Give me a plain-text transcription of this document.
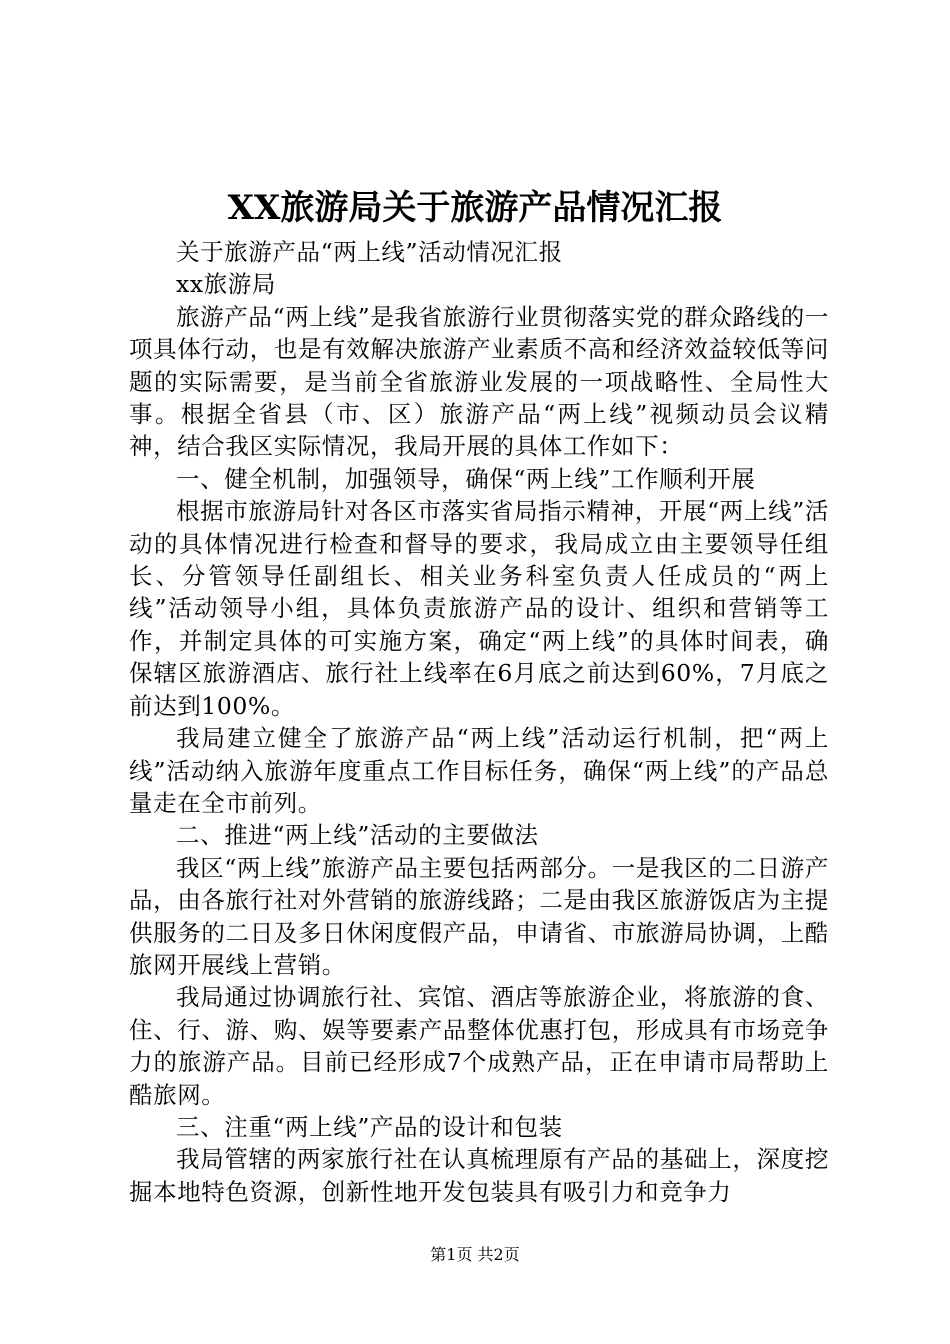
XX旅游局关于旅游产品情况汇报

关于旅游产品“两上线”活动情况汇报

xx旅游局

旅游产品“两上线”是我省旅游行业贯彻落实党的群众路线的一项具体行动，也是有效解决旅游产业素质不高和经济效益较低等问题的实际需要，是当前全省旅游业发展的一项战略性、全局性大事。根据全省县（市、区）旅游产品“两上线”视频动员会议精神，结合我区实际情况，我局开展的具体工作如下：

一、健全机制，加强领导，确保“两上线”工作顺利开展

根据市旅游局针对各区市落实省局指示精神，开展“两上线”活动的具体情况进行检查和督导的要求，我局成立由主要领导任组长、分管领导任副组长、相关业务科室负责人任成员的“两上线”活动领导小组，具体负责旅游产品的设计、组织和营销等工作，并制定具体的可实施方案，确定“两上线”的具体时间表，确保辖区旅游酒店、旅行社上线率在6月底之前达到60%，7月底之前达到100%。

我局建立健全了旅游产品“两上线”活动运行机制，把“两上线”活动纳入旅游年度重点工作目标任务，确保“两上线”的产品总量走在全市前列。

二、推进“两上线”活动的主要做法

我区“两上线”旅游产品主要包括两部分。一是我区的二日游产品，由各旅行社对外营销的旅游线路；二是由我区旅游饭店为主提供服务的二日及多日休闲度假产品，申请省、市旅游局协调，上酷旅网开展线上营销。

我局通过协调旅行社、宾馆、酒店等旅游企业，将旅游的食、住、行、游、购、娱等要素产品整体优惠打包，形成具有市场竞争力的旅游产品。目前已经形成7个成熟产品，正在申请市局帮助上酷旅网。

三、注重“两上线”产品的设计和包装

我局管辖的两家旅行社在认真梳理原有产品的基础上，深度挖掘本地特色资源，创新性地开发包装具有吸引力和竞争力

第1页 共2页
